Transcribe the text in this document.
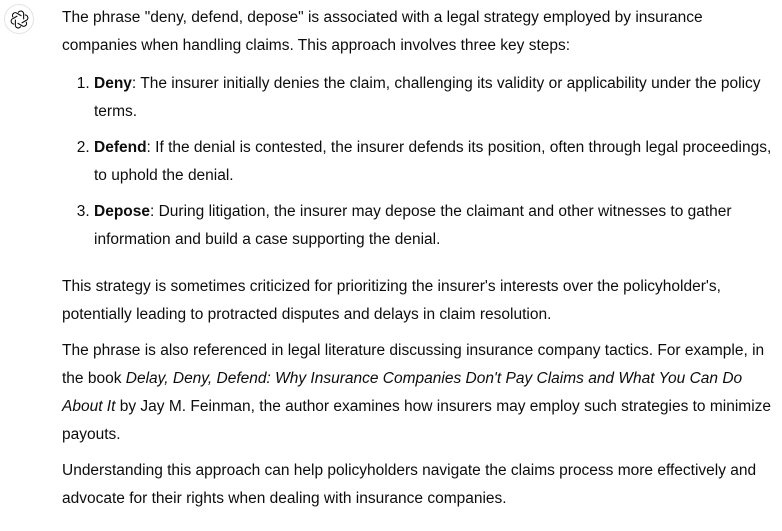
The phrase "deny, defend, depose" is associated with a legal strategy employed by insurance companies when handling claims. This approach involves three key steps:

1. Deny: The insurer initially denies the claim, challenging its validity or applicability under the policy terms.
2. Defend: If the denial is contested, the insurer defends its position, often through legal proceedings, to uphold the denial.
3. Depose: During litigation, the insurer may depose the claimant and other witnesses to gather information and build a case supporting the denial.

This strategy is sometimes criticized for prioritizing the insurer's interests over the policyholder's, potentially leading to protracted disputes and delays in claim resolution.

The phrase is also referenced in legal literature discussing insurance company tactics. For example, in the book Delay, Deny, Defend: Why Insurance Companies Don't Pay Claims and What You Can Do About It by Jay M. Feinman, the author examines how insurers may employ such strategies to minimize payouts.

Understanding this approach can help policyholders navigate the claims process more effectively and advocate for their rights when dealing with insurance companies.
